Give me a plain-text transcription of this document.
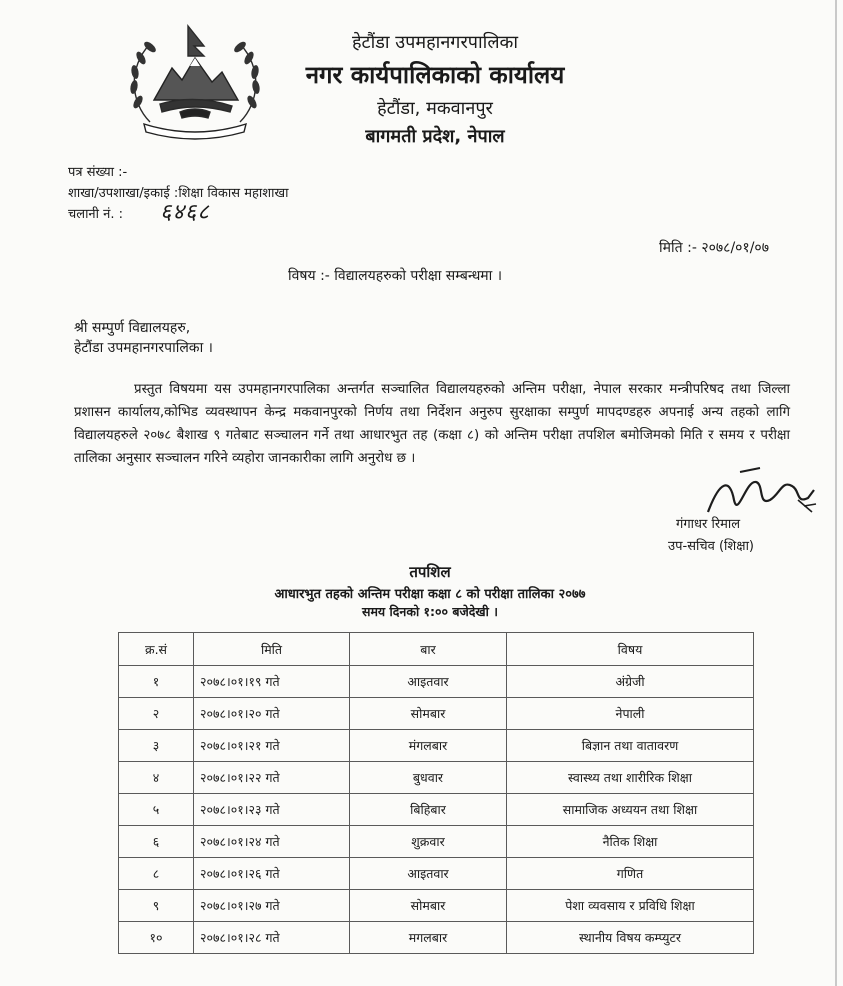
हेटौंडा उपमहानगरपालिका
नगर कार्यपालिकाको कार्यालय
हेटौंडा, मकवानपुर
बागमती प्रदेश, नेपाल
पत्र संख्या :-
शाखा/उपशाखा/इकाई :शिक्षा विकास महाशाखा
चलानी नं. : ६४६८
मिति :- २०७८/०१/०७
विषय :- विद्यालयहरुको परीक्षा सम्बन्धमा ।
श्री सम्पुर्ण विद्यालयहरु,
हेटौंडा उपमहानगरपालिका ।
प्रस्तुत विषयमा यस उपमहानगरपालिका अन्तर्गत सञ्चालित विद्यालयहरुको अन्तिम परीक्षा, नेपाल सरकार मन्त्रीपरिषद तथा जिल्ला प्रशासन कार्यालय,कोभिड व्यवस्थापन केन्द्र मकवानपुरको निर्णय तथा निर्देशन अनुरुप सुरक्षाका सम्पुर्ण मापदण्डहरु अपनाई अन्य तहको लागि विद्यालयहरुले २०७८ बैशाख ९ गतेबाट सञ्चालन गर्ने तथा आधारभुत तह (कक्षा ८) को अन्तिम परीक्षा तपशिल बमोजिमको मिति र समय र परीक्षा तालिका अनुसार सञ्चालन गरिने व्यहोरा जानकारीका लागि अनुरोध छ ।
गंगाधर रिमाल
उप-सचिव (शिक्षा)
तपशिल
आधारभुत तहको अन्तिम परीक्षा कक्षा ८ को परीक्षा तालिका २०७७
समय दिनको १:०० बजेदेखी ।
क्र.सं	मिति	बार	विषय
१	२०७८।०१।१९ गते	आइतवार	अंग्रेजी
२	२०७८।०१।२० गते	सोमबार	नेपाली
३	२०७८।०१।२१ गते	मंगलबार	बिज्ञान तथा वातावरण
४	२०७८।०१।२२ गते	बुधवार	स्वास्थ्य तथा शारीरिक शिक्षा
५	२०७८।०१।२३ गते	बिहिबार	सामाजिक अध्ययन तथा शिक्षा
६	२०७८।०१।२४ गते	शुक्रवार	नैतिक शिक्षा
८	२०७८।०१।२६ गते	आइतवार	गणित
९	२०७८।०१।२७ गते	सोमबार	पेशा व्यवसाय र प्रविधि शिक्षा
१०	२०७८।०१।२८ गते	मगलबार	स्थानीय विषय कम्प्युटर
